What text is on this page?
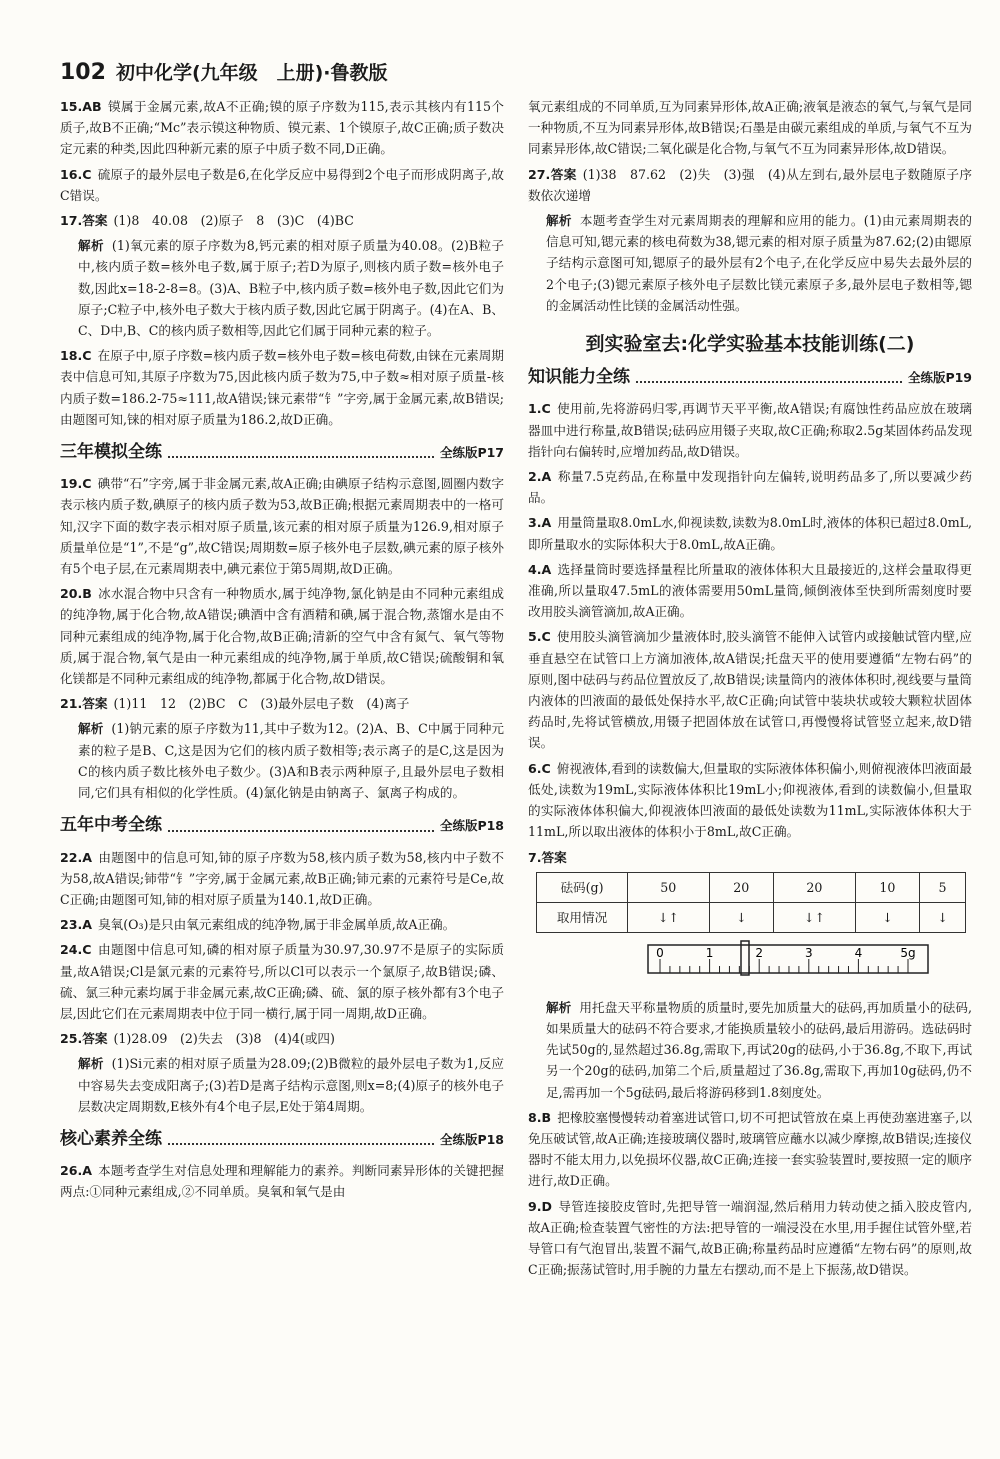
102 初中化学(九年级　上册)·鲁教版
15.AB 镆属于金属元素,故A不正确;镆的原子序数为115,表示其核内有115个质子,故B不正确;“Mc”表示镆这种物质、镆元素、1个镆原子,故C正确;质子数决定元素的种类,因此四种新元素的原子中质子数不同,D正确。
16.C 硫原子的最外层电子数是6,在化学反应中易得到2个电子而形成阴离子,故C错误。
17.答案 (1)8　40.08　(2)原子　8　(3)C　(4)BC
解析 (1)氧元素的原子序数为8,钙元素的相对原子质量为40.08。(2)B粒子中,核内质子数=核外电子数,属于原子;若D为原子,则核内质子数=核外电子数,因此x=18-2-8=8。(3)A、B粒子中,核内质子数=核外电子数,因此它们为原子;C粒子中,核外电子数大于核内质子数,因此它属于阴离子。(4)在A、B、C、D中,B、C的核内质子数相等,因此它们属于同种元素的粒子。
18.C 在原子中,原子序数=核内质子数=核外电子数=核电荷数,由铼在元素周期表中信息可知,其原子序数为75,因此核内质子数为75,中子数≈相对原子质量-核内质子数=186.2-75≈111,故A错误;铼元素带“钅”字旁,属于金属元素,故B错误;由题图可知,铼的相对原子质量为186.2,故D正确。
三年模拟全练	全练版P17
19.C 碘带“石”字旁,属于非金属元素,故A正确;由碘原子结构示意图,圆圈内数字表示核内质子数,碘原子的核内质子数为53,故B正确;根据元素周期表中的一格可知,汉字下面的数字表示相对原子质量,该元素的相对原子质量为126.9,相对原子质量单位是“1”,不是“g”,故C错误;周期数=原子核外电子层数,碘元素的原子核外有5个电子层,在元素周期表中,碘元素位于第5周期,故D正确。
20.B 冰水混合物中只含有一种物质水,属于纯净物,氯化钠是由不同种元素组成的纯净物,属于化合物,故A错误;碘酒中含有酒精和碘,属于混合物,蒸馏水是由不同种元素组成的纯净物,属于化合物,故B正确;清新的空气中含有氮气、氧气等物质,属于混合物,氧气是由一种元素组成的纯净物,属于单质,故C错误;硫酸铜和氧化镁都是不同种元素组成的纯净物,都属于化合物,故D错误。
21.答案 (1)11　12　(2)BC　C　(3)最外层电子数　(4)离子
解析 (1)钠元素的原子序数为11,其中子数为12。(2)A、B、C中属于同种元素的粒子是B、C,这是因为它们的核内质子数相等;表示离子的是C,这是因为C的核内质子数比核外电子数少。(3)A和B表示两种原子,且最外层电子数相同,它们具有相似的化学性质。(4)氯化钠是由钠离子、氯离子构成的。
五年中考全练	全练版P18
22.A 由题图中的信息可知,铈的原子序数为58,核内质子数为58,核内中子数不为58,故A错误;铈带“钅”字旁,属于金属元素,故B正确;铈元素的元素符号是Ce,故C正确;由题图可知,铈的相对原子质量为140.1,故D正确。
23.A 臭氧(O₃)是只由氧元素组成的纯净物,属于非金属单质,故A正确。
24.C 由题图中信息可知,磷的相对原子质量为30.97,30.97不是原子的实际质量,故A错误;Cl是氯元素的元素符号,所以Cl可以表示一个氯原子,故B错误;磷、硫、氯三种元素均属于非金属元素,故C正确;磷、硫、氯的原子核外都有3个电子层,因此它们在元素周期表中位于同一横行,属于同一周期,故D正确。
25.答案 (1)28.09　(2)失去　(3)8　(4)4(或四)
解析 (1)Si元素的相对原子质量为28.09;(2)B微粒的最外层电子数为1,反应中容易失去变成阳离子;(3)若D是离子结构示意图,则x=8;(4)原子的核外电子层数决定周期数,E核外有4个电子层,E处于第4周期。
核心素养全练	全练版P18
26.A 本题考查学生对信息处理和理解能力的素养。判断同素异形体的关键把握两点:①同种元素组成,②不同单质。臭氧和氧气是由
氧元素组成的不同单质,互为同素异形体,故A正确;液氧是液态的氧气,与氧气是同一种物质,不互为同素异形体,故B错误;石墨是由碳元素组成的单质,与氧气不互为同素异形体,故C错误;二氧化碳是化合物,与氧气不互为同素异形体,故D错误。
27.答案 (1)38　87.62　(2)失　(3)强　(4)从左到右,最外层电子数随原子序数依次递增
解析 本题考查学生对元素周期表的理解和应用的能力。(1)由元素周期表的信息可知,锶元素的核电荷数为38,锶元素的相对原子质量为87.62;(2)由锶原子结构示意图可知,锶原子的最外层有2个电子,在化学反应中易失去最外层的2个电子;(3)锶元素原子核外电子层数比镁元素原子多,最外层电子数相等,锶的金属活动性比镁的金属活动性强。
到实验室去:化学实验基本技能训练(二)
知识能力全练	全练版P19
1.C 使用前,先将游码归零,再调节天平平衡,故A错误;有腐蚀性药品应放在玻璃器皿中进行称量,故B错误;砝码应用镊子夹取,故C正确;称取2.5g某固体药品发现指针向右偏转时,应增加药品,故D错误。
2.A 称量7.5克药品,在称量中发现指针向左偏转,说明药品多了,所以要减少药品。
3.A 用量筒量取8.0mL水,仰视读数,读数为8.0mL时,液体的体积已超过8.0mL,即所量取水的实际体积大于8.0mL,故A正确。
4.A 选择量筒时要选择量程比所量取的液体体积大且最接近的,这样会量取得更准确,所以量取47.5mL的液体需要用50mL量筒,倾倒液体至快到所需刻度时要改用胶头滴管滴加,故A正确。
5.C 使用胶头滴管滴加少量液体时,胶头滴管不能伸入试管内或接触试管内壁,应垂直悬空在试管口上方滴加液体,故A错误;托盘天平的使用要遵循“左物右码”的原则,图中砝码与药品位置放反了,故B错误;读量筒内的液体体积时,视线要与量筒内液体的凹液面的最低处保持水平,故C正确;向试管中装块状或较大颗粒状固体药品时,先将试管横放,用镊子把固体放在试管口,再慢慢将试管竖立起来,故D错误。
6.C 俯视液体,看到的读数偏大,但量取的实际液体体积偏小,则俯视液体凹液面最低处,读数为19mL,实际液体体积比19mL小;仰视液体,看到的读数偏小,但量取的实际液体体积偏大,仰视液体凹液面的最低处读数为11mL,实际液体体积大于11mL,所以取出液体的体积小于8mL,故C正确。
7.答案
砝码(g)	50	20	20	10	5
取用情况	↓↑	↓	↓↑	↓	↓
0	1	2	3	4	5g
解析 用托盘天平称量物质的质量时,要先加质量大的砝码,再加质量小的砝码,如果质量大的砝码不符合要求,才能换质量较小的砝码,最后用游码。选砝码时先试50g的,显然超过36.8g,需取下,再试20g的砝码,小于36.8g,不取下,再试另一个20g的砝码,加第二个后,质量超过了36.8g,需取下,再加10g砝码,仍不足,需再加一个5g砝码,最后将游码移到1.8刻度处。
8.B 把橡胶塞慢慢转动着塞进试管口,切不可把试管放在桌上再使劲塞进塞子,以免压破试管,故A正确;连接玻璃仪器时,玻璃管应蘸水以减少摩擦,故B错误;连接仪器时不能太用力,以免损坏仪器,故C正确;连接一套实验装置时,要按照一定的顺序进行,故D正确。
9.D 导管连接胶皮管时,先把导管一端润湿,然后稍用力转动使之插入胶皮管内,故A正确;检查装置气密性的方法:把导管的一端浸没在水里,用手握住试管外壁,若导管口有气泡冒出,装置不漏气,故B正确;称量药品时应遵循“左物右码”的原则,故C正确;振荡试管时,用手腕的力量左右摆动,而不是上下振荡,故D错误。
